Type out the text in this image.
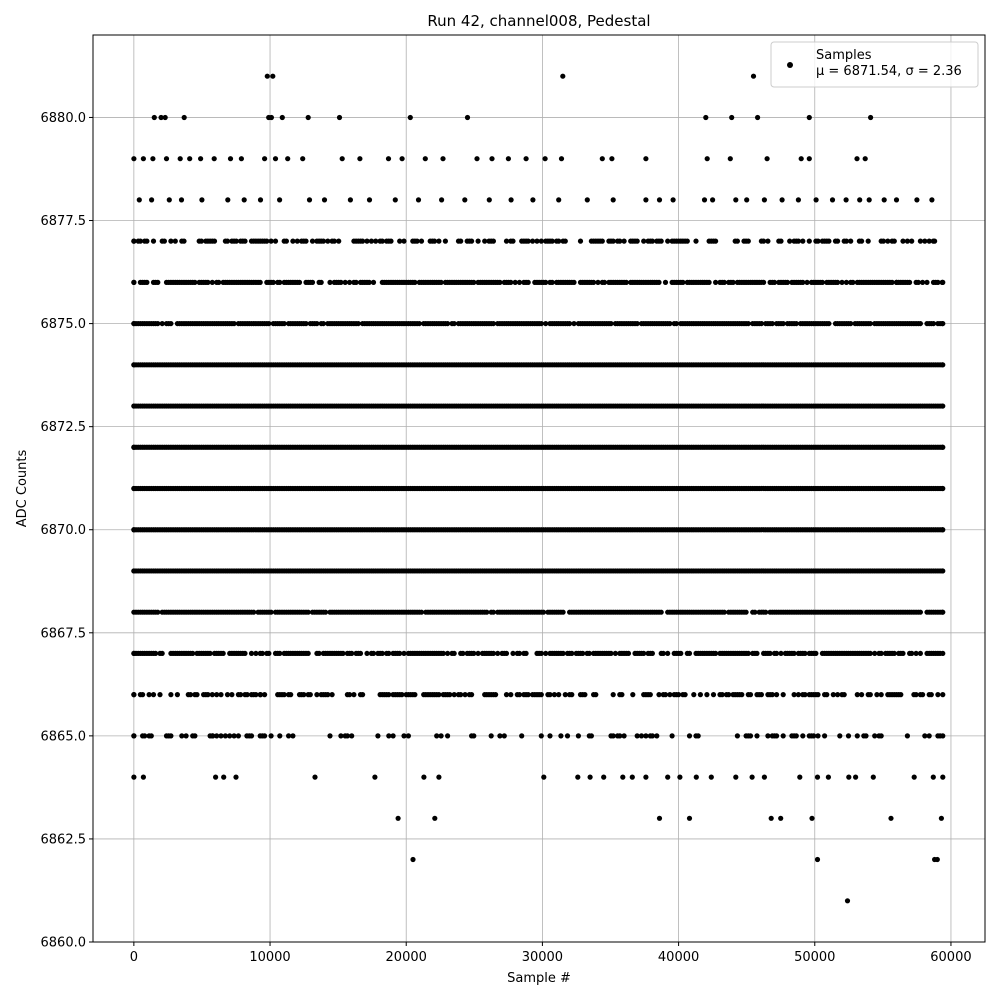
0	10000	20000	30000	40000	50000	60000
6860.0
6862.5
6865.0
6867.5
6870.0
6872.5
6875.0
6877.5
6880.0
Run 42, channel008, Pedestal
Sample #
ADC Counts
Samples
μ = 6871.54, σ = 2.36
